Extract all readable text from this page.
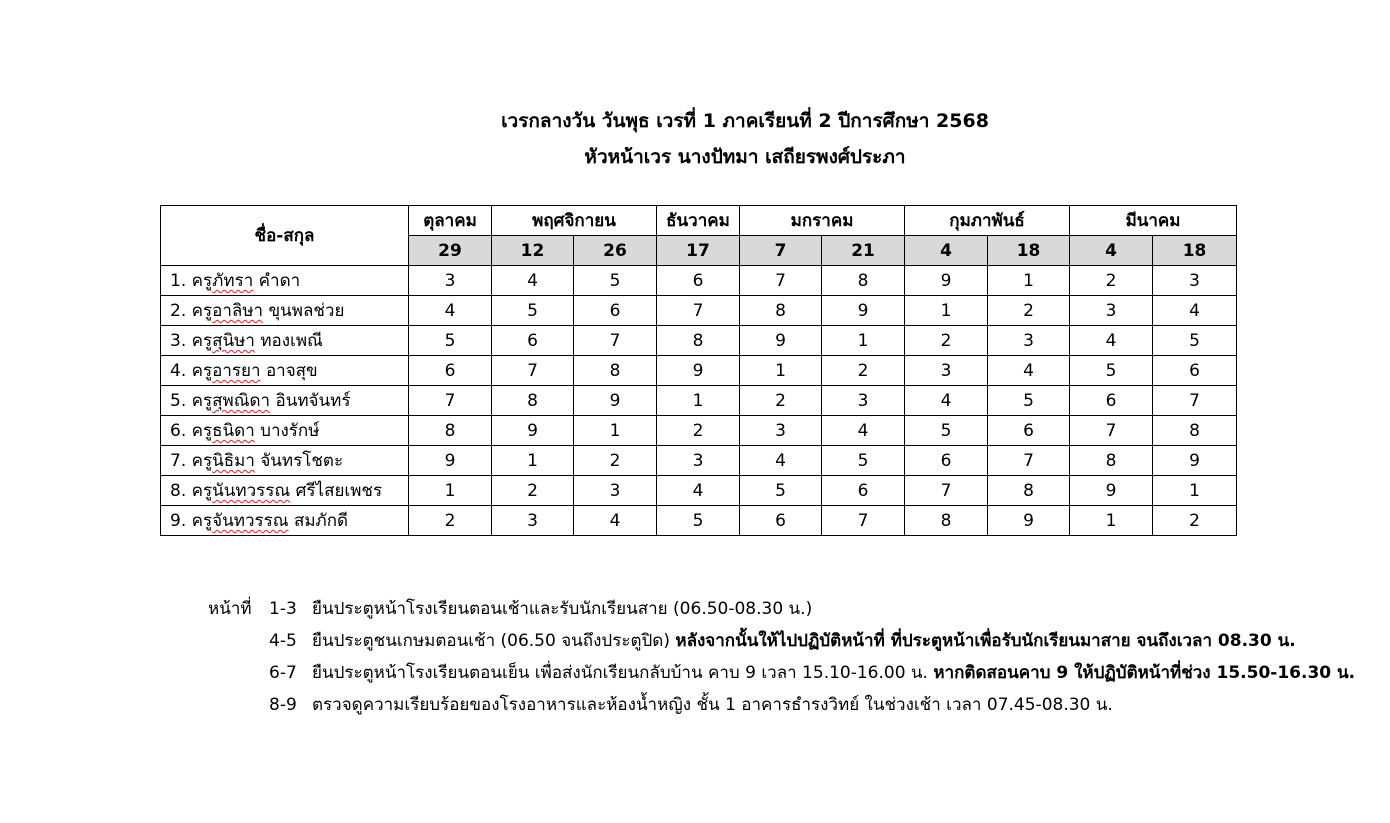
เวรกลางวัน วันพุธ เวรที่ 1 ภาคเรียนที่ 2 ปีการศึกษา 2568
หัวหน้าเวร นางปัทมา เสถียรพงศ์ประภา
ชื่อ-สกุล	ตุลาคม	พฤศจิกายน		ธันวาคม	มกราคม		กุมภาพันธ์		มีนาคม	
	29	12	26	17	7	21	4	18	4	18
1. ครูภัทรา คำดา	3	4	5	6	7	8	9	1	2	3
2. ครูอาลิษา ขุนพลช่วย	4	5	6	7	8	9	1	2	3	4
3. ครูสุนิษา ทองเพณี	5	6	7	8	9	1	2	3	4	5
4. ครูอารยา อาจสุข	6	7	8	9	1	2	3	4	5	6
5. ครูสุพณิดา อินทจันทร์	7	8	9	1	2	3	4	5	6	7
6. ครูธนิดา บางรักษ์	8	9	1	2	3	4	5	6	7	8
7. ครูนิธิมา จันทรโชตะ	9	1	2	3	4	5	6	7	8	9
8. ครูนันทวรรณ ศรีไสยเพชร	1	2	3	4	5	6	7	8	9	1
9. ครูจันทวรรณ สมภักดี	2	3	4	5	6	7	8	9	1	2
หน้าที่ 1-3 ยืนประตูหน้าโรงเรียนตอนเช้าและรับนักเรียนสาย (06.50-08.30 น.)
4-5 ยืนประตูชนเกษมตอนเช้า (06.50 จนถึงประตูปิด) หลังจากนั้นให้ไปปฏิบัติหน้าที่ ที่ประตูหน้าเพื่อรับนักเรียนมาสาย จนถึงเวลา 08.30 น.
6-7 ยืนประตูหน้าโรงเรียนตอนเย็น เพื่อส่งนักเรียนกลับบ้าน คาบ 9 เวลา 15.10-16.00 น. หากติดสอนคาบ 9 ให้ปฏิบัติหน้าที่ช่วง 15.50-16.30 น.
8-9 ตรวจดูความเรียบร้อยของโรงอาหารและห้องน้ำหญิง ชั้น 1 อาคารธำรงวิทย์ ในช่วงเช้า เวลา 07.45-08.30 น.
